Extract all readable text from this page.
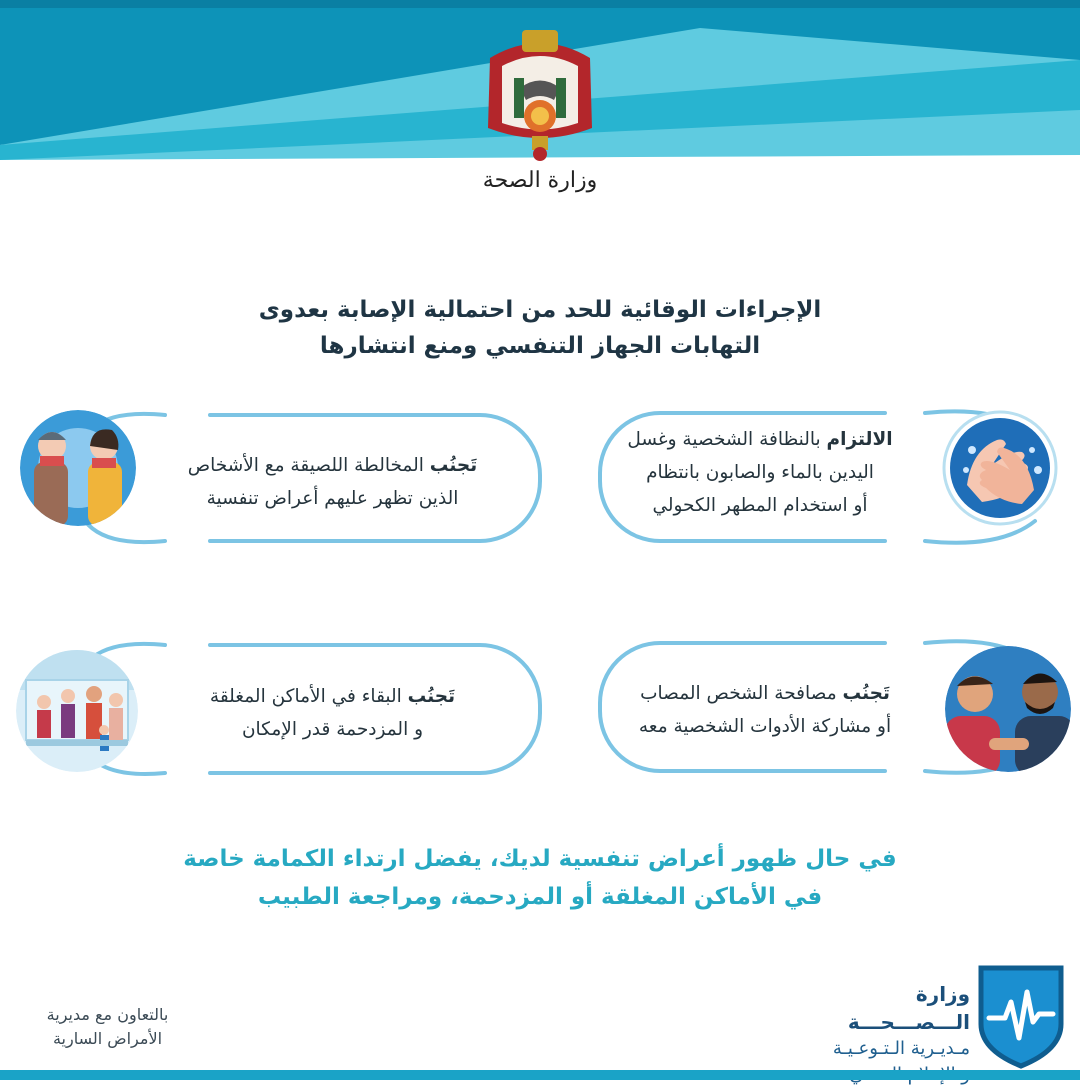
وزارة الصحة
الإجراءات الوقائية للحد من احتمالية الإصابة بعدوى
التهابات الجهاز التنفسي ومنع انتشارها
الالتزام بالنظافة الشخصية وغسل
اليدين بالماء والصابون بانتظام
أو استخدام المطهر الكحولي
تَجنُب المخالطة اللصيقة مع الأشخاص
الذين تظهر عليهم أعراض تنفسية
تَجنُب مصافحة الشخص المصاب
أو مشاركة الأدوات الشخصية معه
تَجنُب البقاء في الأماكن المغلقة
و المزدحمة قدر الإمكان
في حال ظهور أعراض تنفسية لديك، يفضل ارتداء الكمامة خاصة
في الأماكن المغلقة أو المزدحمة، ومراجعة الطبيب
بالتعاون مع مديرية
الأمراض السارية
وزارة الـــصـــحـــة
مـديـرية الـتـوعـيـة
